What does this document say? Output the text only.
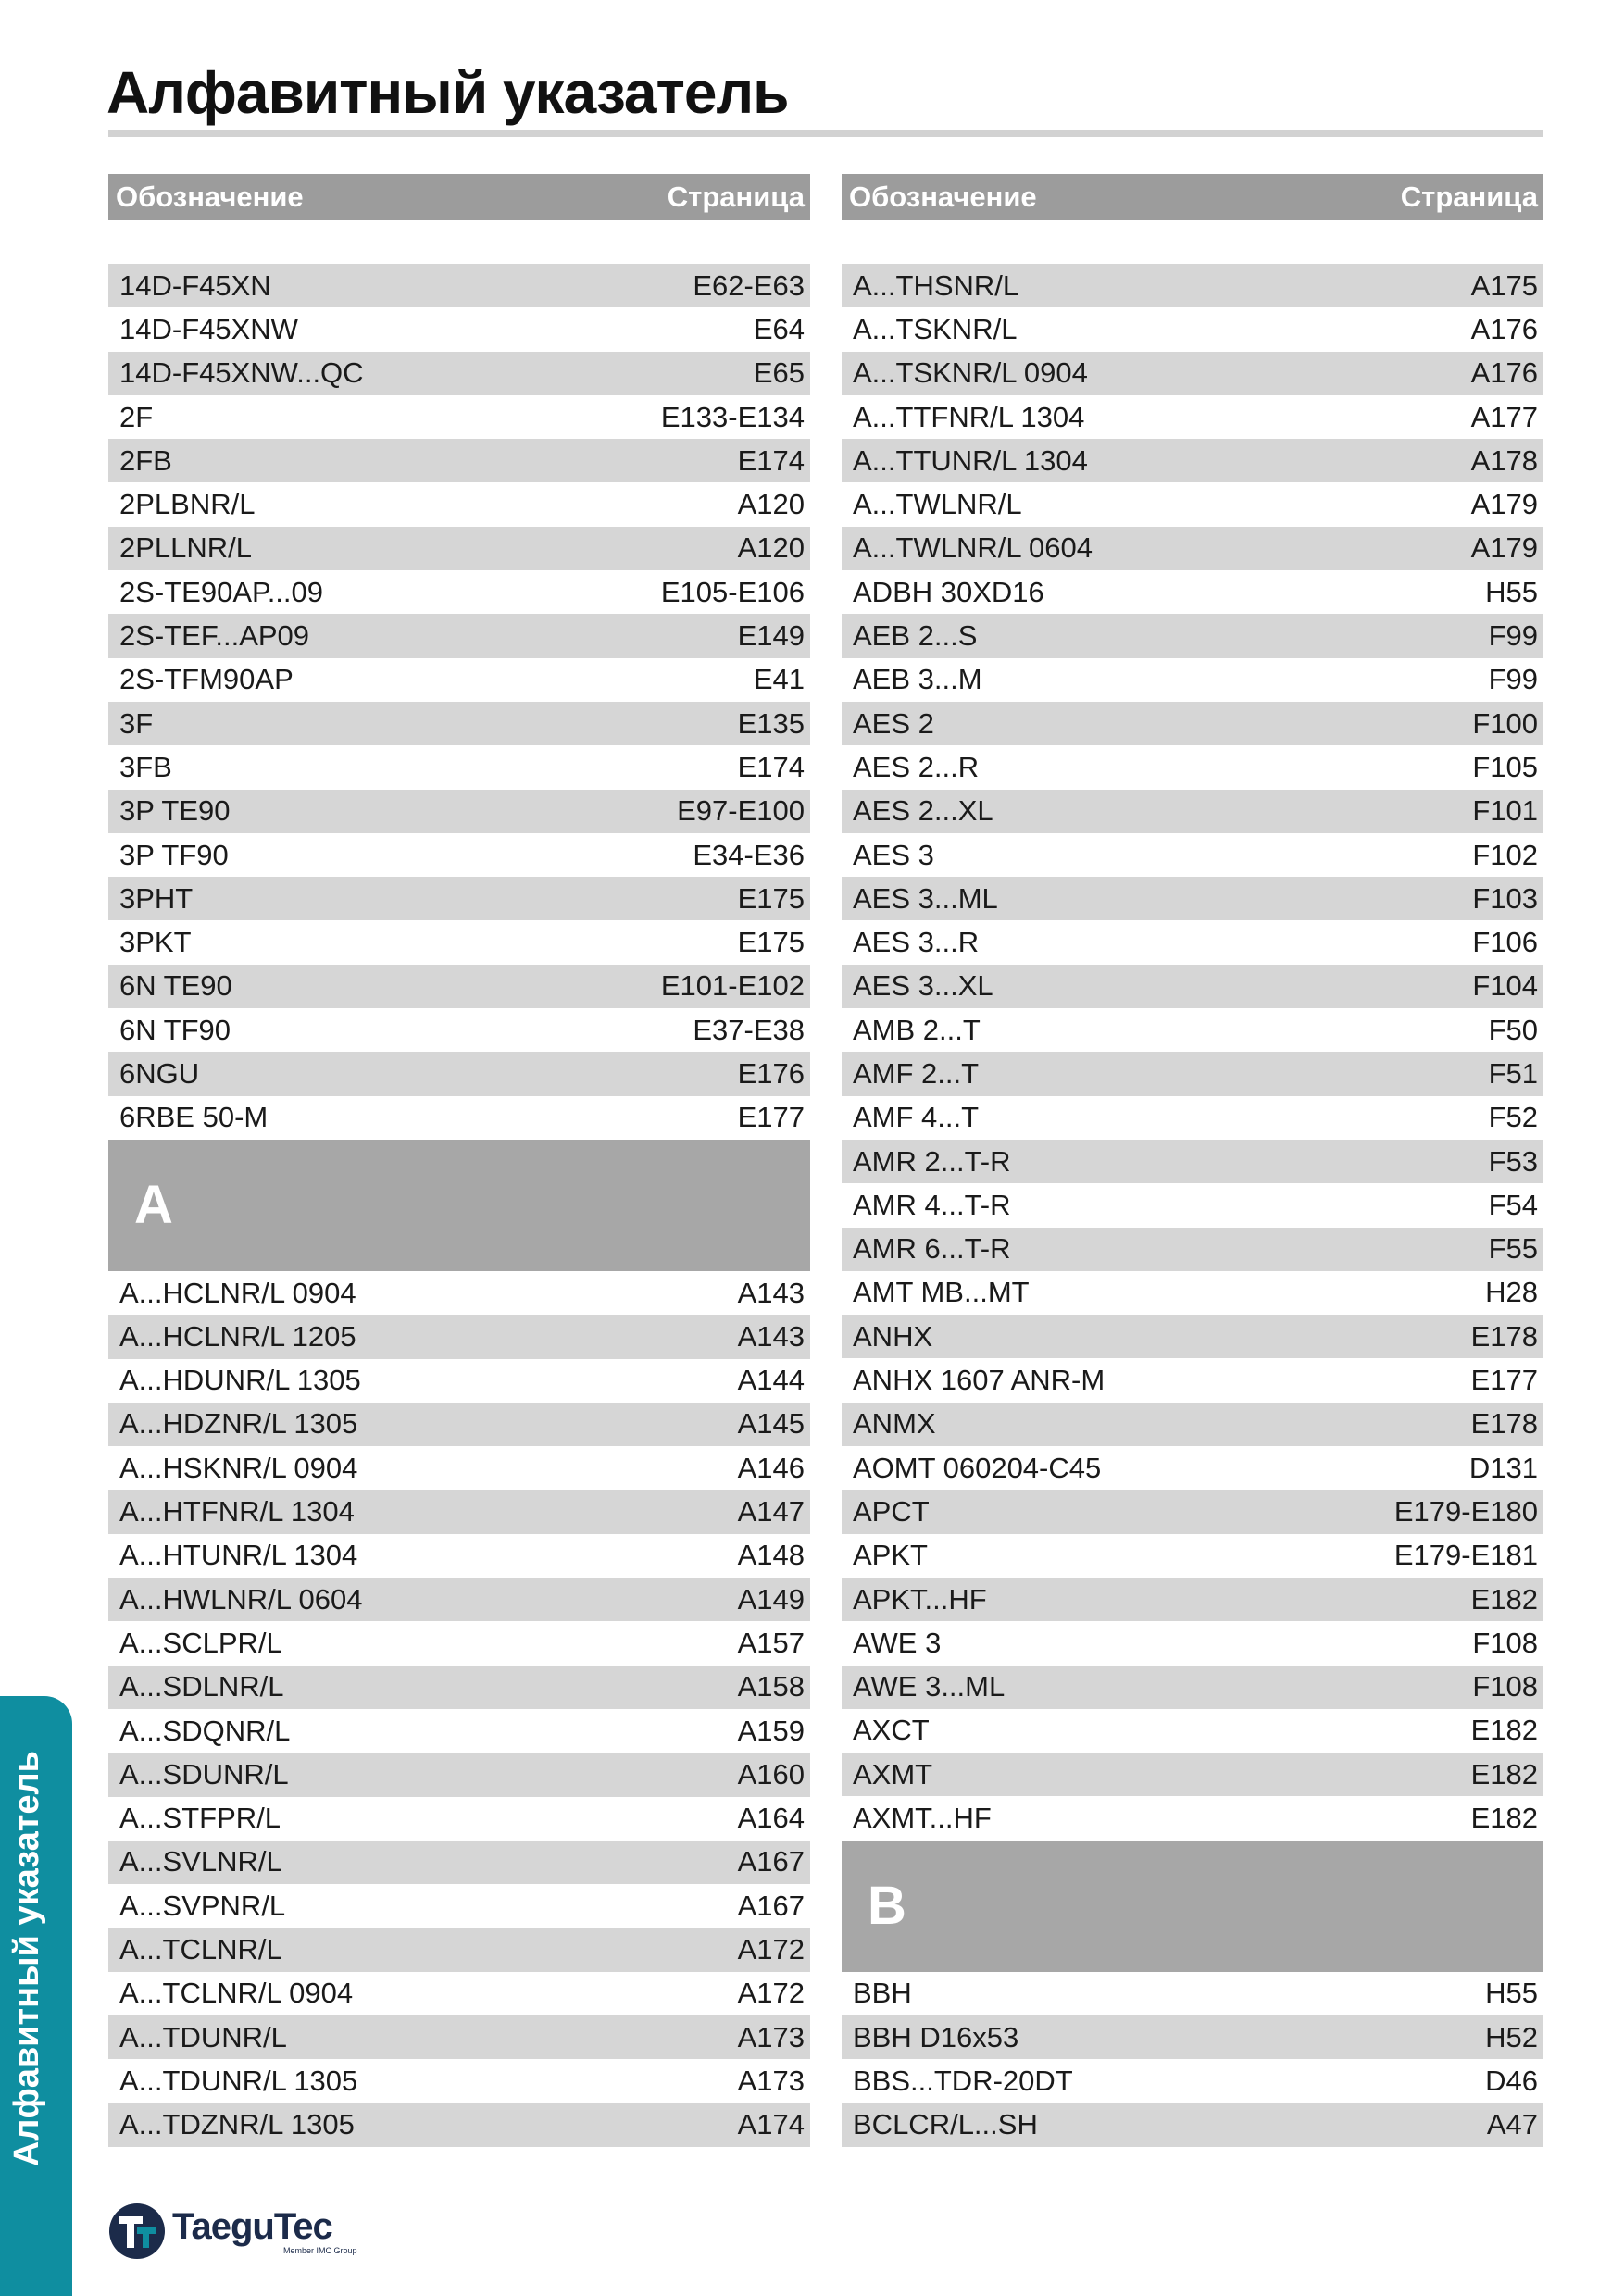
Алфавитный указатель
Обозначение	Страница
14D-F45XN	E62-E63
14D-F45XNW	E64
14D-F45XNW...QC	E65
2F	E133-E134
2FB	E174
2PLBNR/L	A120
2PLLNR/L	A120
2S-TE90AP...09	E105-E106
2S-TEF...AP09	E149
2S-TFM90AP	E41
3F	E135
3FB	E174
3P TE90	E97-E100
3P TF90	E34-E36
3PHT	E175
3PKT	E175
6N TE90	E101-E102
6N TF90	E37-E38
6NGU	E176
6RBE 50-M	E177
A
A...HCLNR/L 0904	A143
A...HCLNR/L 1205	A143
A...HDUNR/L 1305	A144
A...HDZNR/L 1305	A145
A...HSKNR/L 0904	A146
A...HTFNR/L 1304	A147
A...HTUNR/L 1304	A148
A...HWLNR/L 0604	A149
A...SCLPR/L	A157
A...SDLNR/L	A158
A...SDQNR/L	A159
A...SDUNR/L	A160
A...STFPR/L	A164
A...SVLNR/L	A167
A...SVPNR/L	A167
A...TCLNR/L	A172
A...TCLNR/L 0904	A172
A...TDUNR/L	A173
A...TDUNR/L 1305	A173
A...TDZNR/L 1305	A174
Обозначение	Страница
A...THSNR/L	A175
A...TSKNR/L	A176
A...TSKNR/L 0904	A176
A...TTFNR/L 1304	A177
A...TTUNR/L 1304	A178
A...TWLNR/L	A179
A...TWLNR/L 0604	A179
ADBH 30XD16	H55
AEB 2...S	F99
AEB 3...M	F99
AES 2	F100
AES 2...R	F105
AES 2...XL	F101
AES 3	F102
AES 3...ML	F103
AES 3...R	F106
AES 3...XL	F104
AMB 2...T	F50
AMF 2...T	F51
AMF 4...T	F52
AMR 2...T-R	F53
AMR 4...T-R	F54
AMR 6...T-R	F55
AMT MB...MT	H28
ANHX	E178
ANHX 1607 ANR-M	E177
ANMX	E178
AOMT 060204-C45	D131
APCT	E179-E180
APKT	E179-E181
APKT...HF	E182
AWE 3	F108
AWE 3...ML	F108
AXCT	E182
AXMT	E182
AXMT...HF	E182
B
BBH	H55
BBH D16x53	H52
BBS...TDR-20DT	D46
BCLCR/L...SH	A47
Алфавитный указатель
TaeguTec
Member IMC Group
